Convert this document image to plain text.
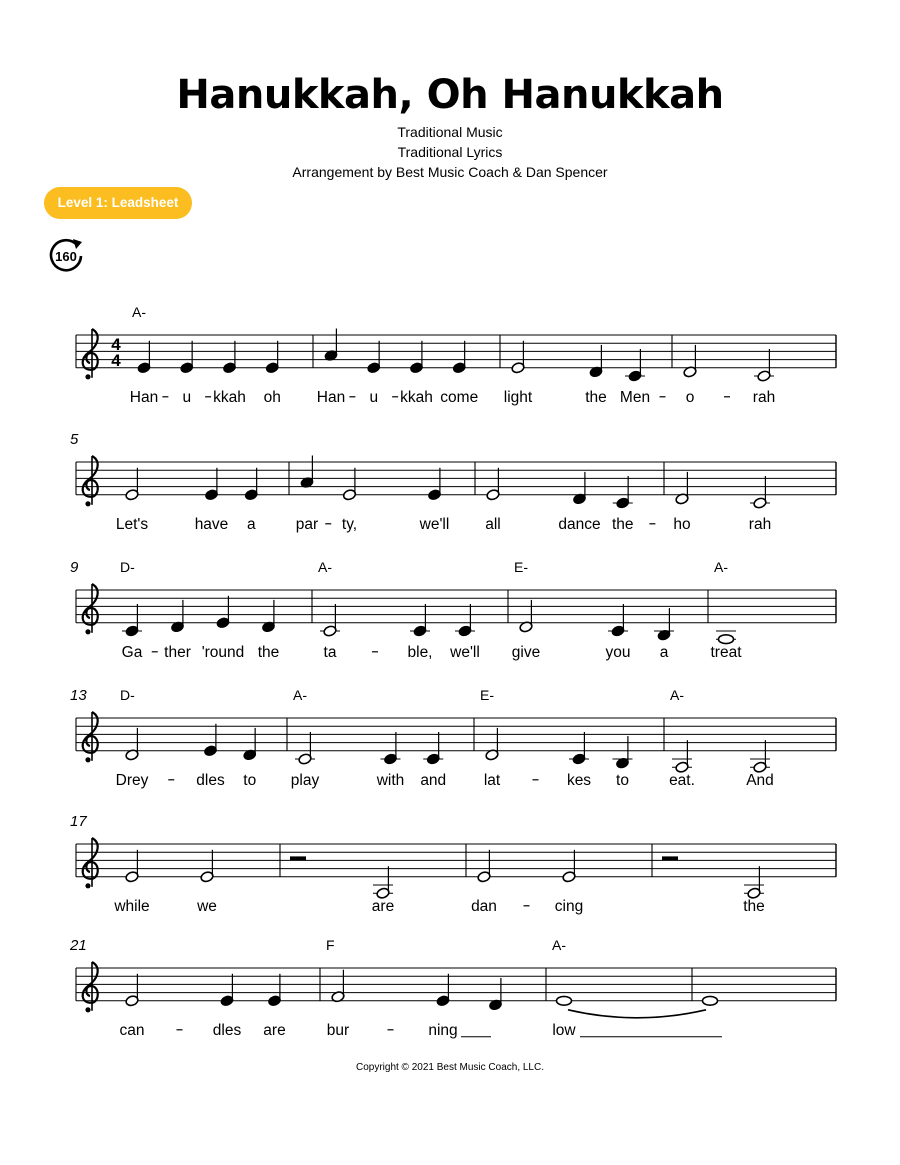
Hanukkah, Oh Hanukkah
Traditional Music
Traditional Lyrics
Arrangement by Best Music Coach & Dan Spencer
Level 1: Leadsheet
160
4
4
A-
Han u kkah oh Han u kkah come light	the Men o	rah
5
Let's	have a	par ty,	we'll all	dance the	ho	rah
9	D-
Ga ther 'round the
A-
ta	ble, we'll
E-
give	you a
A-
treat
13 D-
Drey	dles to
A-
play	with and
E-
lat	kes to
A-
eat.	And
17
while	we	are	dan	cing	the
21
can	dles are
F
bur	ning
A-
low
Copyright © 2021 Best Music Coach, LLC.
